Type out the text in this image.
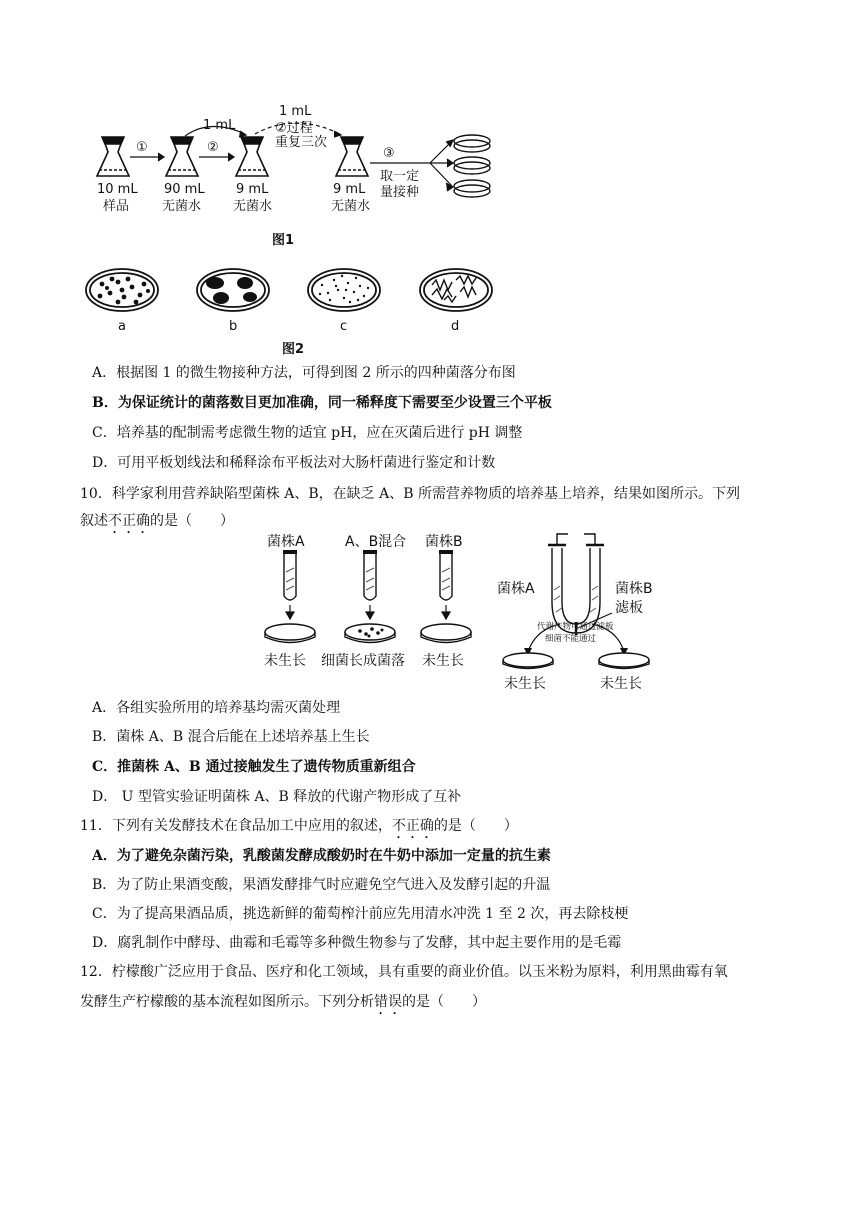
①	②	③
1 mL
1 mL
②过程
重复三次
取一定
量接种
10 mL
样品
90 mL
无菌水
9 mL
无菌水
9 mL
无菌水
图1
a	b	c	d
图2
A．根据图 1 的微生物接种方法，可得到图 2 所示的四种菌落分布图
B．为保证统计的菌落数目更加准确，同一稀释度下需要至少设置三个平板
C．培养基的配制需考虑微生物的适宜 pH，应在灭菌后进行 pH 调整
D．可用平板划线法和稀释涂布平板法对大肠杆菌进行鉴定和计数
10．科学家利用营养缺陷型菌株 A、B，在缺乏 A、B 所需营养物质的培养基上培养，结果如图所示。下列
叙述不正确的是（　　）
菌株A	A、B混合 菌株B
未生长 细菌长成菌落 未生长
菌株A	菌株B
滤板
代谢产物可通过滤板
细菌不能通过
未生长	未生长
A．各组实验所用的培养基均需灭菌处理
B．菌株 A、B 混合后能在上述培养基上生长
C．推菌株 A、B 通过接触发生了遗传物质重新组合
D． U 型管实验证明菌株 A、B 释放的代谢产物形成了互补
11．下列有关发酵技术在食品加工中应用的叙述，不正确的是（　　）
A．为了避免杂菌污染，乳酸菌发酵成酸奶时在牛奶中添加一定量的抗生素
B．为了防止果酒变酸，果酒发酵排气时应避免空气进入及发酵引起的升温
C．为了提高果酒品质，挑选新鲜的葡萄榨汁前应先用清水冲洗 1 至 2 次，再去除枝梗
D．腐乳制作中酵母、曲霉和毛霉等多种微生物参与了发酵，其中起主要作用的是毛霉
12．柠檬酸广泛应用于食品、医疗和化工领域，具有重要的商业价值。以玉米粉为原料，利用黑曲霉有氧
发酵生产柠檬酸的基本流程如图所示。下列分析错误的是（　　）
